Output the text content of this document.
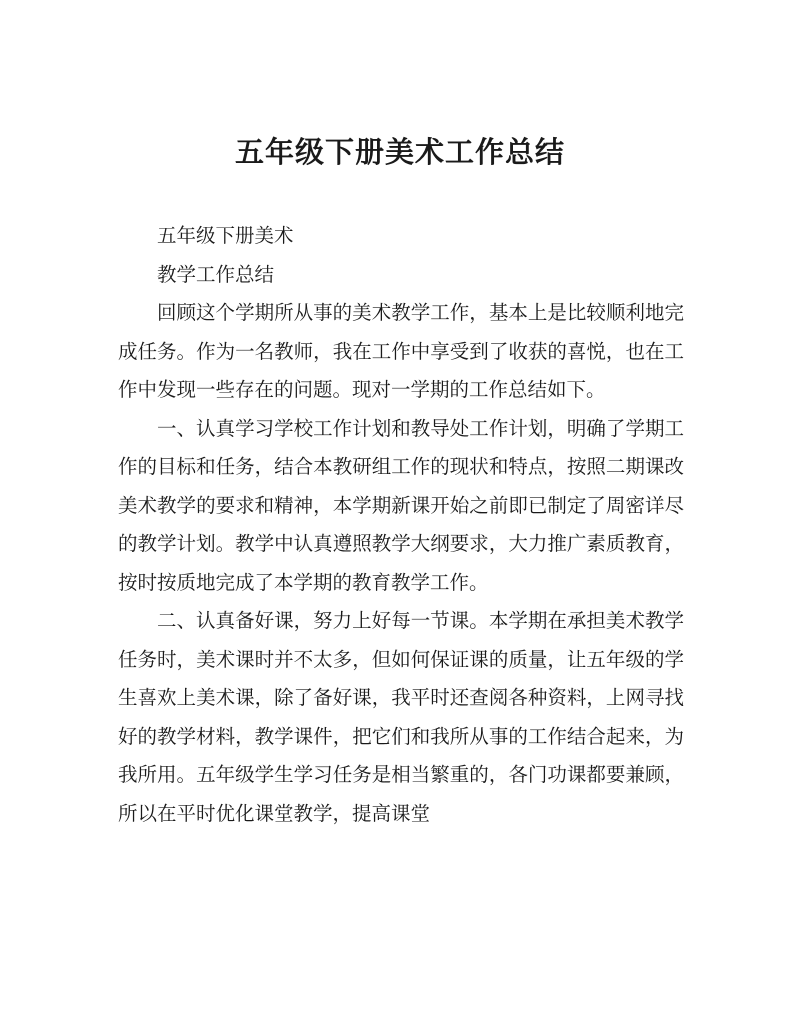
五年级下册美术工作总结

五年级下册美术

教学工作总结

回顾这个学期所从事的美术教学工作，基本上是比较顺利地完成任务。作为一名教师，我在工作中享受到了收获的喜悦，也在工作中发现一些存在的问题。现对一学期的工作总结如下。

一、认真学习学校工作计划和教导处工作计划，明确了学期工作的目标和任务，结合本教研组工作的现状和特点，按照二期课改美术教学的要求和精神，本学期新课开始之前即已制定了周密详尽的教学计划。教学中认真遵照教学大纲要求，大力推广素质教育，按时按质地完成了本学期的教育教学工作。

二、认真备好课，努力上好每一节课。本学期在承担美术教学任务时，美术课时并不太多，但如何保证课的质量，让五年级的学生喜欢上美术课，除了备好课，我平时还查阅各种资料，上网寻找好的教学材料，教学课件，把它们和我所从事的工作结合起来，为我所用。五年级学生学习任务是相当繁重的，各门功课都要兼顾，所以在平时优化课堂教学，提高课堂
